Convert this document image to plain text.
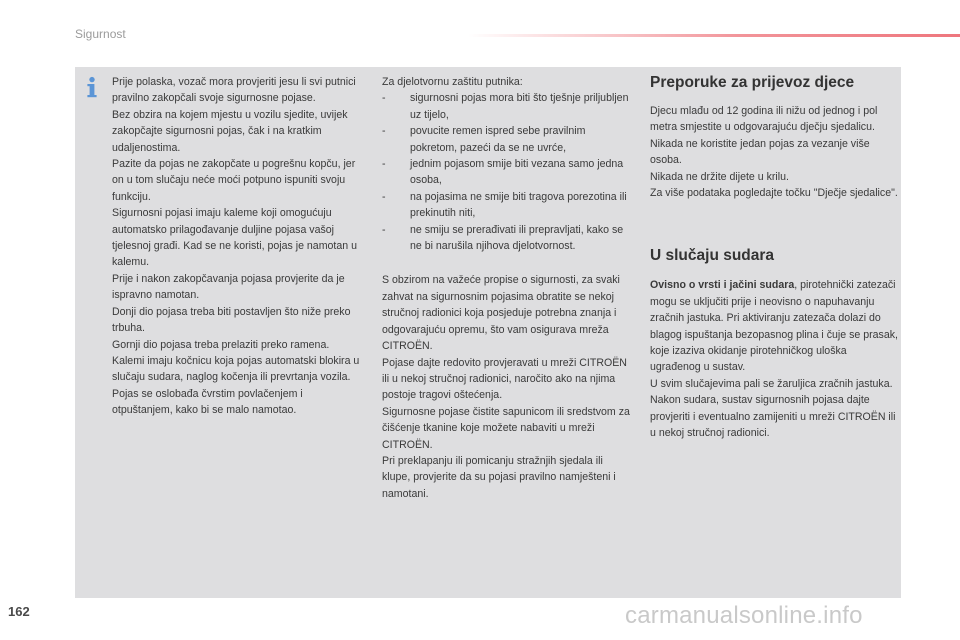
Sigurnost

Prije polaska, vozač mora provjeriti jesu li svi putnici pravilno zakopčali svoje sigurnosne pojase.

Bez obzira na kojem mjestu u vozilu sjedite, uvijek zakopčajte sigurnosni pojas, čak i na kratkim udaljenostima.

Pazite da pojas ne zakopčate u pogrešnu kopču, jer on u tom slučaju neće moći potpuno ispuniti svoju funkciju.

Sigurnosni pojasi imaju kaleme koji omogućuju automatsko prilagođavanje duljine pojasa vašoj tjelesnoj građi. Kad se ne koristi, pojas je namotan u kalemu.

Prije i nakon zakopčavanja pojasa provjerite da je ispravno namotan.

Donji dio pojasa treba biti postavljen što niže preko trbuha.

Gornji dio pojasa treba prelaziti preko ramena.

Kalemi imaju kočnicu koja pojas automatski blokira u slučaju sudara, naglog kočenja ili prevrtanja vozila. Pojas se oslobađa čvrstim povlačenjem i otpuštanjem, kako bi se malo namotao.

Za djelotvornu zaštitu putnika:

- sigurnosni pojas mora biti što tješnje priljubljen uz tijelo,
- povucite remen ispred sebe pravilnim pokretom, pazeći da se ne uvrće,
- jednim pojasom smije biti vezana samo jedna osoba,
- na pojasima ne smije biti tragova porezotina ili prekinutih niti,
- ne smiju se prerađivati ili prepravljati, kako se ne bi narušila njihova djelotvornost.

S obzirom na važeće propise o sigurnosti, za svaki zahvat na sigurnosnim pojasima obratite se nekoj stručnoj radionici koja posjeduje potrebna znanja i odgovarajuću opremu, što vam osigurava mreža CITROËN.

Pojase dajte redovito provjeravati u mreži CITROËN ili u nekoj stručnoj radionici, naročito ako na njima postoje tragovi oštećenja.

Sigurnosne pojase čistite sapunicom ili sredstvom za čišćenje tkanine koje možete nabaviti u mreži CITROËN.

Pri preklapanju ili pomicanju stražnjih sjedala ili klupe, provjerite da su pojasi pravilno namješteni i namotani.

Preporuke za prijevoz djece

Djecu mlađu od 12 godina ili nižu od jednog i pol metra smjestite u odgovarajuću dječju sjedalicu.

Nikada ne koristite jedan pojas za vezanje više osoba.

Nikada ne držite dijete u krilu.

Za više podataka pogledajte točku "Dječje sjedalice".

U slučaju sudara

Ovisno o vrsti i jačini sudara, pirotehnički zatezači mogu se uključiti prije i neovisno o napuhavanju zračnih jastuka. Pri aktiviranju zatezača dolazi do blagog ispuštanja bezopasnog plina i čuje se prasak, koje izaziva okidanje pirotehničkog uloška ugrađenog u sustav.

U svim slučajevima pali se žaruljica zračnih jastuka.

Nakon sudara, sustav sigurnosnih pojasa dajte provjeriti i eventualno zamijeniti u mreži CITROËN ili u nekoj stručnoj radionici.

162	carmanualsonline.info
